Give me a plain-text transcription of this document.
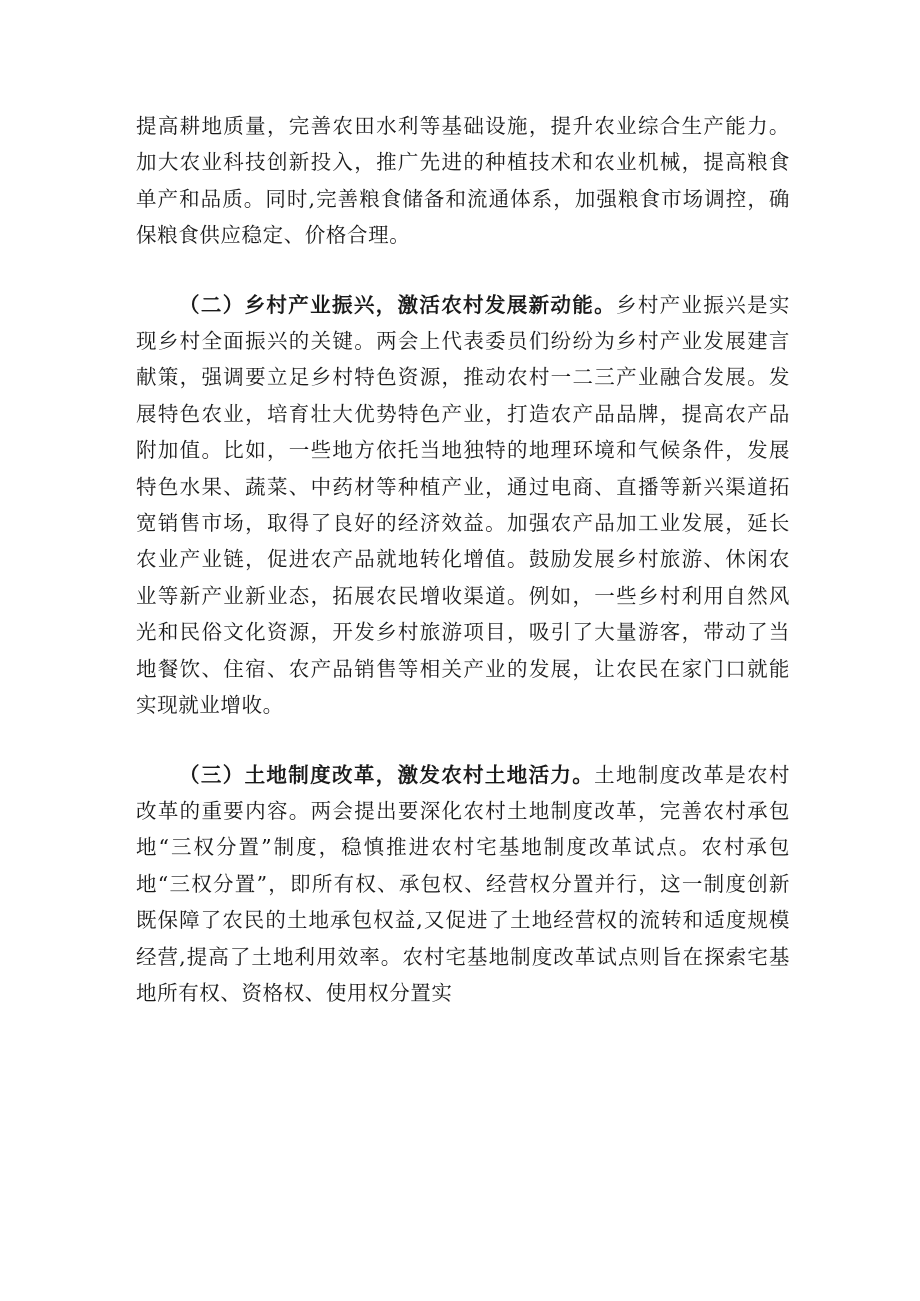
提高耕地质量，完善农田水利等基础设施，提升农业综合生产能力。加大农业科技创新投入，推广先进的种植技术和农业机械，提高粮食单产和品质。同时,完善粮食储备和流通体系，加强粮食市场调控，确保粮食供应稳定、价格合理。

（二）乡村产业振兴，激活农村发展新动能。乡村产业振兴是实现乡村全面振兴的关键。两会上代表委员们纷纷为乡村产业发展建言献策，强调要立足乡村特色资源，推动农村一二三产业融合发展。发展特色农业，培育壮大优势特色产业，打造农产品品牌，提高农产品附加值。比如，一些地方依托当地独特的地理环境和气候条件，发展特色水果、蔬菜、中药材等种植产业，通过电商、直播等新兴渠道拓宽销售市场，取得了良好的经济效益。加强农产品加工业发展，延长农业产业链，促进农产品就地转化增值。鼓励发展乡村旅游、休闲农业等新产业新业态，拓展农民增收渠道。例如，一些乡村利用自然风光和民俗文化资源，开发乡村旅游项目，吸引了大量游客，带动了当地餐饮、住宿、农产品销售等相关产业的发展，让农民在家门口就能实现就业增收。

（三）土地制度改革，激发农村土地活力。土地制度改革是农村改革的重要内容。两会提出要深化农村土地制度改革，完善农村承包地“三权分置”制度，稳慎推进农村宅基地制度改革试点。农村承包地“三权分置”，即所有权、承包权、经营权分置并行，这一制度创新既保障了农民的土地承包权益,又促进了土地经营权的流转和适度规模经营,提高了土地利用效率。农村宅基地制度改革试点则旨在探索宅基地所有权、资格权、使用权分置实
